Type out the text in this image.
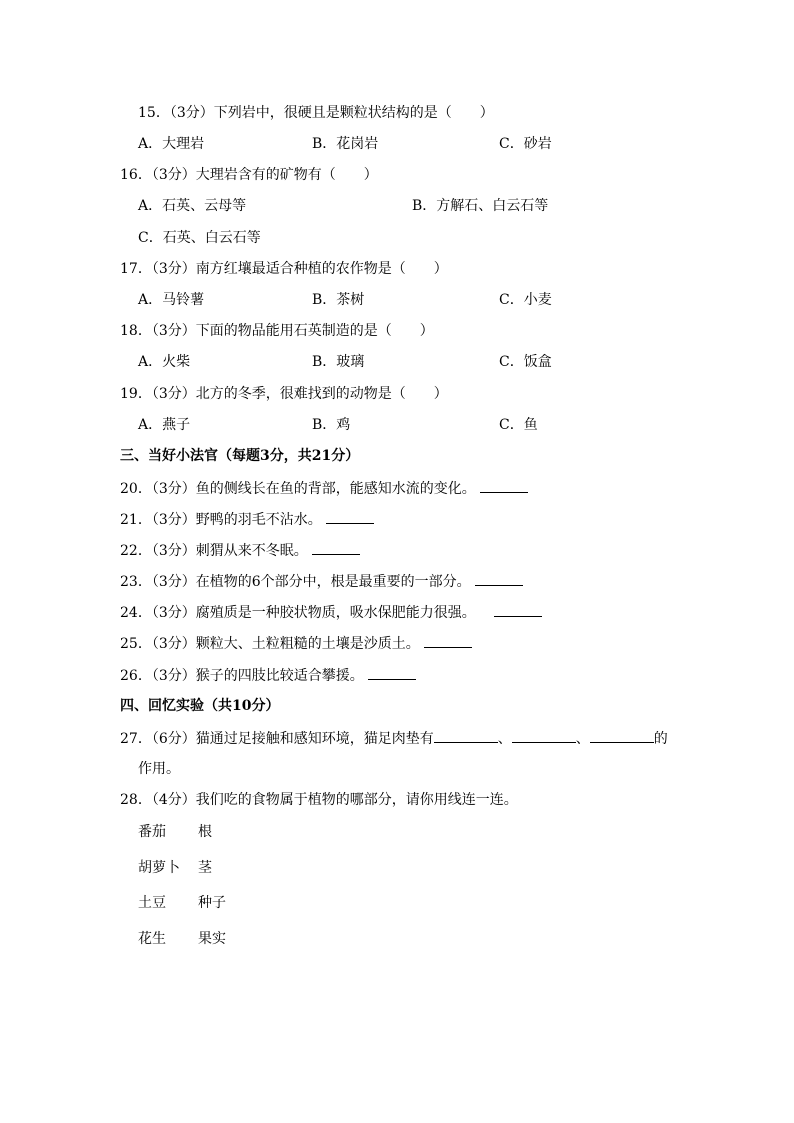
15．（3分）下列岩中，很硬且是颗粒状结构的是（　　）
A．大理岩	B．花岗岩	C．砂岩
16．（3分）大理岩含有的矿物有（　　）
A．石英、云母等	B．方解石、白云石等
C．石英、白云石等
17．（3分）南方红壤最适合种植的农作物是（　　）
A．马铃薯	B．茶树	C．小麦
18．（3分）下面的物品能用石英制造的是（　　）
A．火柴	B．玻璃	C．饭盒
19．（3分）北方的冬季，很难找到的动物是（　　）
A．燕子	B．鸡	C．鱼
三、当好小法官（每题3分，共21分）
20．（3分）鱼的侧线长在鱼的背部，能感知水流的变化。
21．（3分）野鸭的羽毛不沾水。
22．（3分）刺猬从来不冬眠。
23．（3分）在植物的6个部分中，根是最重要的一部分。
24．（3分）腐殖质是一种胶状物质，吸水保肥能力很强。
25．（3分）颗粒大、土粒粗糙的土壤是沙质土。
26．（3分）猴子的四肢比较适合攀援。
四、回忆实验（共10分）
27．（6分）猫通过足接触和感知环境，猫足肉垫有	、	、	的
作用。
28．（4分）我们吃的食物属于植物的哪部分，请你用线连一连。
番茄 根
胡萝卜 茎
土豆 种子
花生 果实
